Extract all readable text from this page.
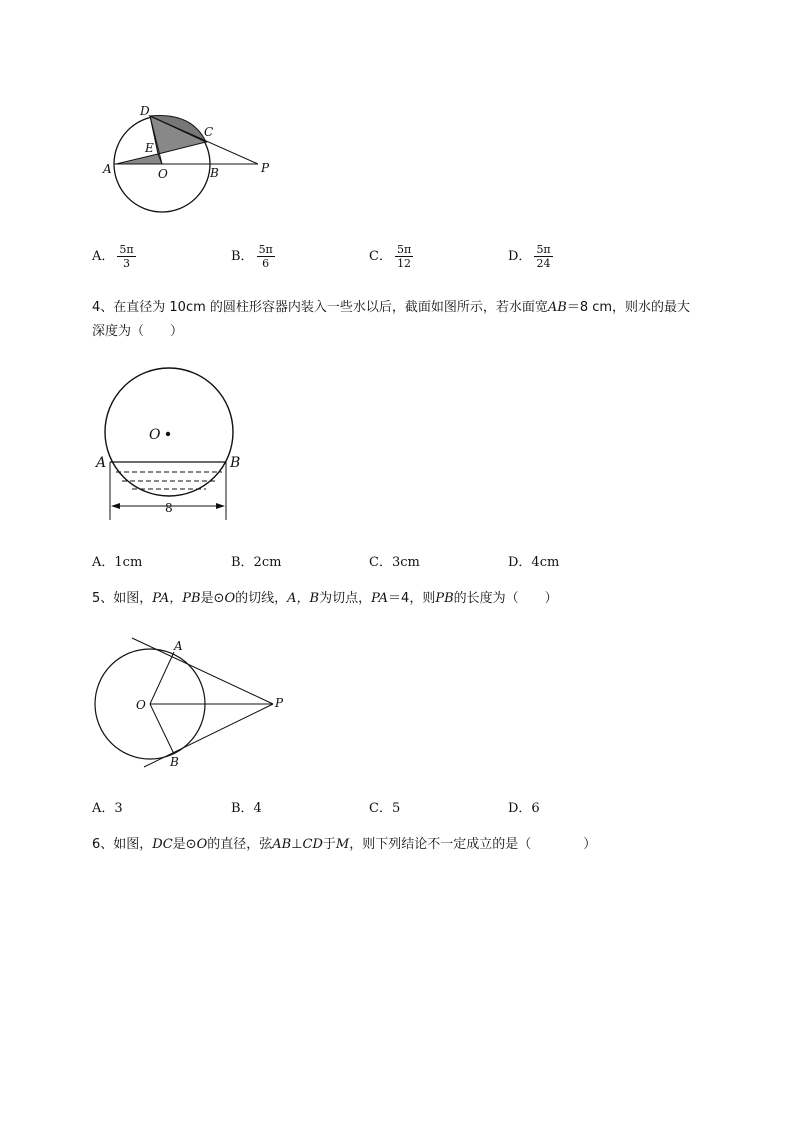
D
C
E
A	O	B	P
A． $\frac{5\pi}{3}$	B． $\frac{5\pi}{6}$	C． $\frac{5\pi}{12}$	D． $\frac{5\pi}{24}$
4、在直径为 10cm 的圆柱形容器内装入一些水以后，截面如图所示，若水面宽AB＝8 cm，则水的最大
深度为（　　）
O
A	B
8
A．1cm	B．2cm	C．3cm	D．4cm
5、如图，PA，PB是⊙O的切线，A，B为切点，PA＝4，则PB的长度为（　　）
A
O	P
B
A．3	B．4	C．5	D．6
6、如图，DC是⊙O的直径，弦AB⊥CD于M，则下列结论不一定成立的是（　　　　）
